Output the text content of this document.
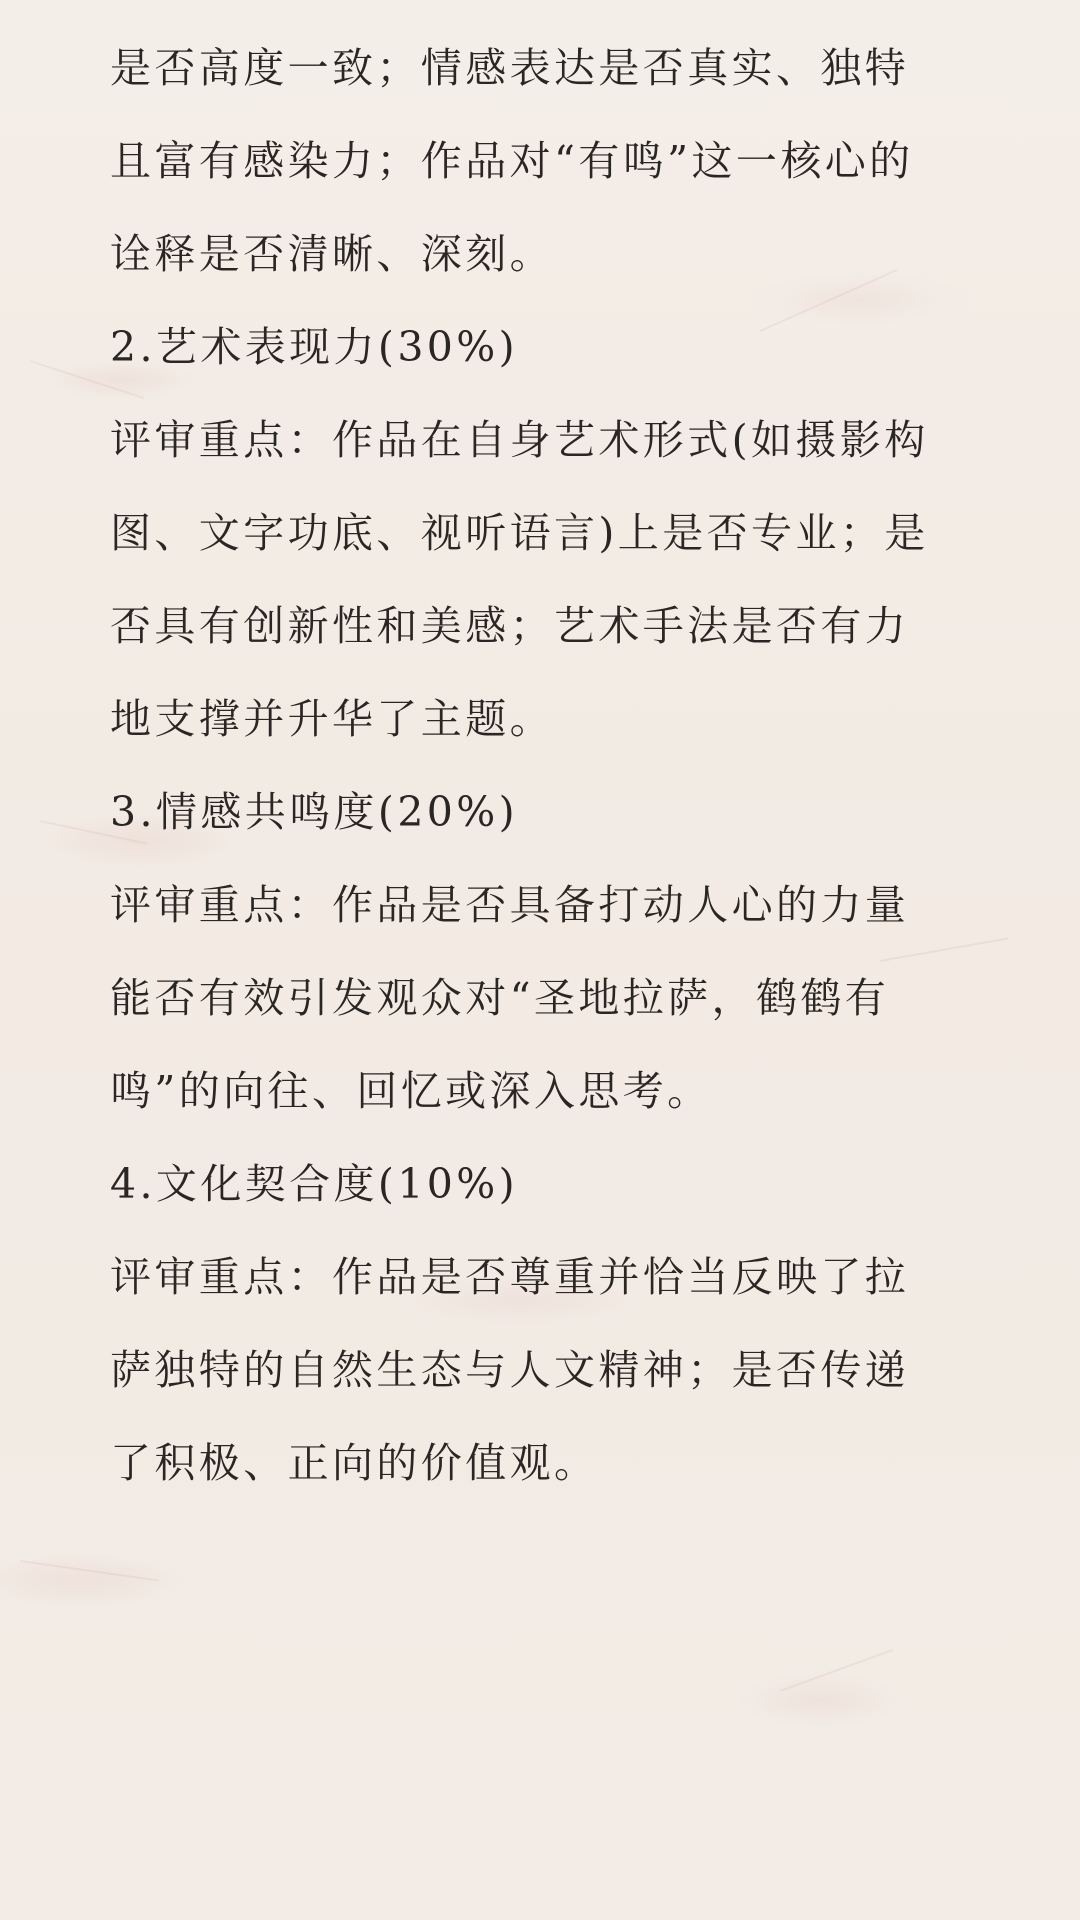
是否高度一致；情感表达是否真实、独特
且富有感染力；作品对“有鸣”这一核心的
诠释是否清晰、深刻。
2.艺术表现力(30%)
评审重点：作品在自身艺术形式(如摄影构
图、文字功底、视听语言)上是否专业；是
否具有创新性和美感；艺术手法是否有力
地支撑并升华了主题。
3.情感共鸣度(20%)
评审重点：作品是否具备打动人心的力量
能否有效引发观众对“圣地拉萨，鹤鹤有
鸣”的向往、回忆或深入思考。
4.文化契合度(10%)
评审重点：作品是否尊重并恰当反映了拉
萨独特的自然生态与人文精神；是否传递
了积极、正向的价值观。
